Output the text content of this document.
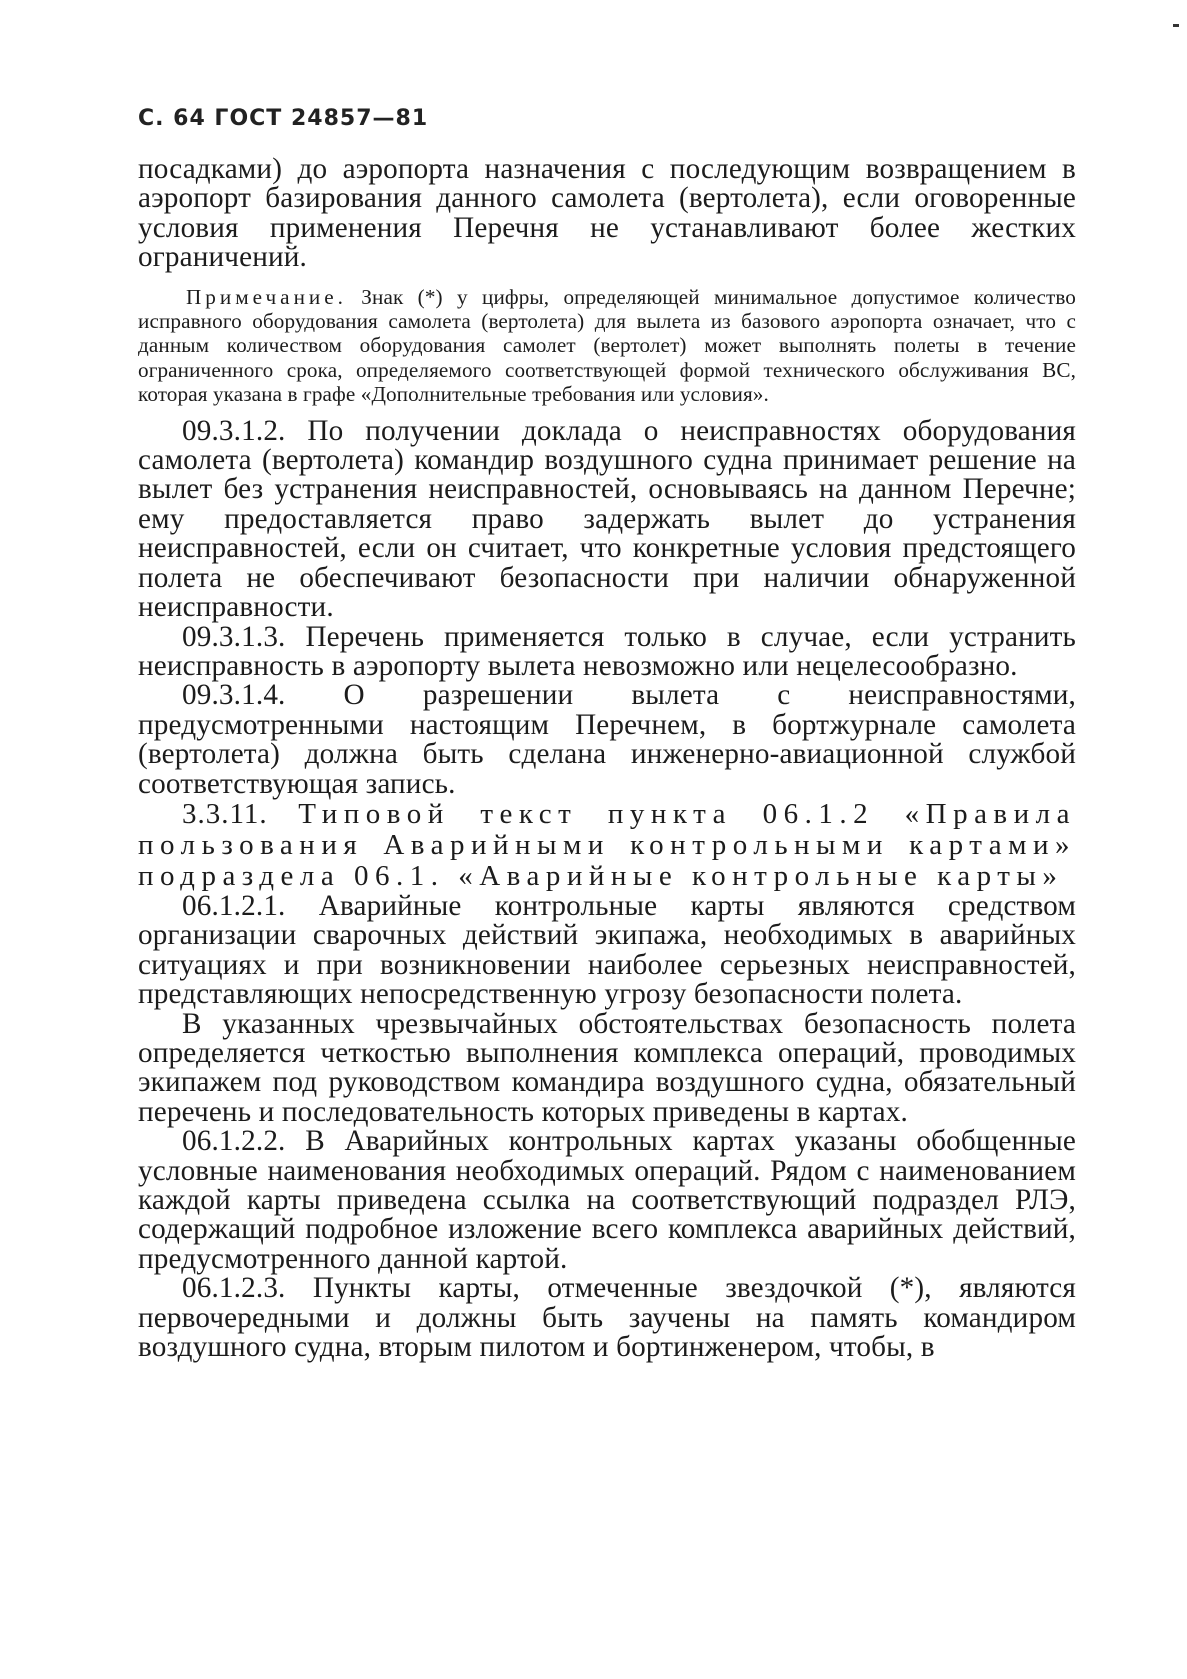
С. 64 ГОСТ 24857—81

посадками) до аэропорта назначения с последующим возвращением в аэропорт базирования данного самолета (вертолета), если оговоренные условия применения Перечня не устанавливают более жестких ограничений.

Примечание. Знак (*) у цифры, определяющей минимальное допустимое количество исправного оборудования самолета (вертолета) для вылета из базового аэропорта означает, что с данным количеством оборудования самолет (вертолет) может выполнять полеты в течение ограниченного срока, определяемого соответствующей формой технического обслуживания ВС, которая указана в графе «Дополнительные требования или условия».

09.3.1.2. По получении доклада о неисправностях оборудования самолета (вертолета) командир воздушного судна принимает решение на вылет без устранения неисправностей, основываясь на данном Перечне; ему предоставляется право задержать вылет до устранения неисправностей, если он считает, что конкретные условия предстоящего полета не обеспечивают безопасности при наличии обнаруженной неисправности.

09.3.1.3. Перечень применяется только в случае, если устранить неисправность в аэропорту вылета невозможно или нецелесообразно.

09.3.1.4. О разрешении вылета с неисправностями, предусмотренными настоящим Перечнем, в бортжурнале самолета (вертолета) должна быть сделана инженерно-авиационной службой соответствующая запись.

3.3.11. Типовой текст пункта 06.1.2 «Правила пользования Аварийными контрольными картами» подраздела 06.1. «Аварийные контрольные карты»

06.1.2.1. Аварийные контрольные карты являются средством организации сварочных действий экипажа, необходимых в аварийных ситуациях и при возникновении наиболее серьезных неисправностей, представляющих непосредственную угрозу безопасности полета.

В указанных чрезвычайных обстоятельствах безопасность полета определяется четкостью выполнения комплекса операций, проводимых экипажем под руководством командира воздушного судна, обязательный перечень и последовательность которых приведены в картах.

06.1.2.2. В Аварийных контрольных картах указаны обобщенные условные наименования необходимых операций. Рядом с наименованием каждой карты приведена ссылка на соответствующий подраздел РЛЭ, содержащий подробное изложение всего комплекса аварийных действий, предусмотренного данной картой.

06.1.2.3. Пункты карты, отмеченные звездочкой (*), являются первочередными и должны быть заучены на память командиром воздушного судна, вторым пилотом и бортинженером, чтобы, в
